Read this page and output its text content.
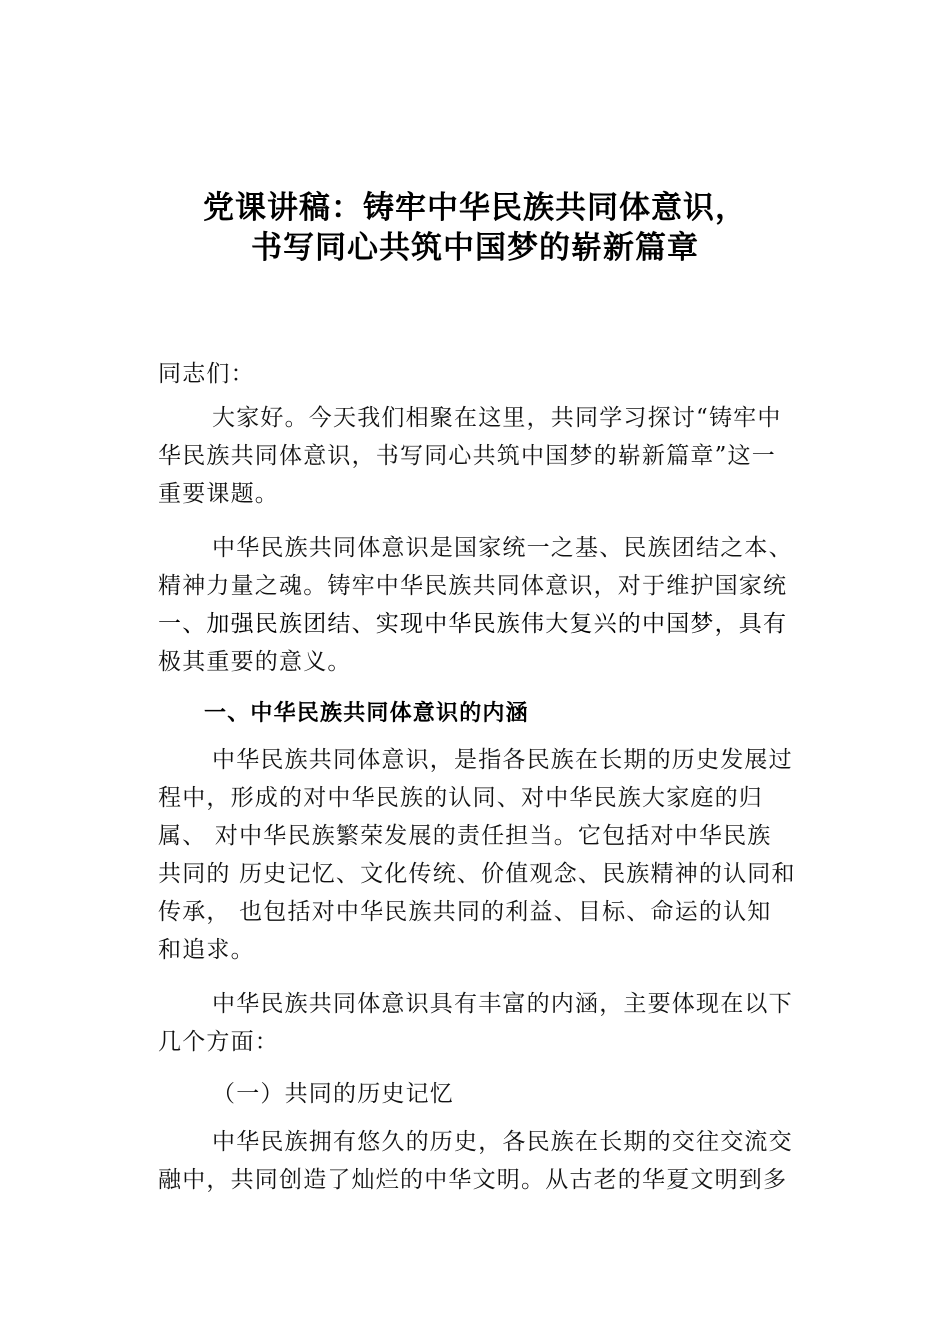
党课讲稿：铸牢中华民族共同体意识，
书写同心共筑中国梦的崭新篇章
同志们：
大家好。今天我们相聚在这里，共同学习探讨“铸牢中
华民族共同体意识，书写同心共筑中国梦的崭新篇章”这一
重要课题。
中华民族共同体意识是国家统一之基、民族团结之本、
精神力量之魂。铸牢中华民族共同体意识，对于维护国家统
一、加强民族团结、实现中华民族伟大复兴的中国梦，具有
极其重要的意义。
一、中华民族共同体意识的内涵
中华民族共同体意识，是指各民族在长期的历史发展过
程中，形成的对中华民族的认同、对中华民族大家庭的归
属、 对中华民族繁荣发展的责任担当。它包括对中华民族
共同的 历史记忆、文化传统、价值观念、民族精神的认同和
传承， 也包括对中华民族共同的利益、目标、命运的认知
和追求。
中华民族共同体意识具有丰富的内涵，主要体现在以下
几个方面：
（一）共同的历史记忆
中华民族拥有悠久的历史，各民族在长期的交往交流交
融中，共同创造了灿烂的中华文明。从古老的华夏文明到多
